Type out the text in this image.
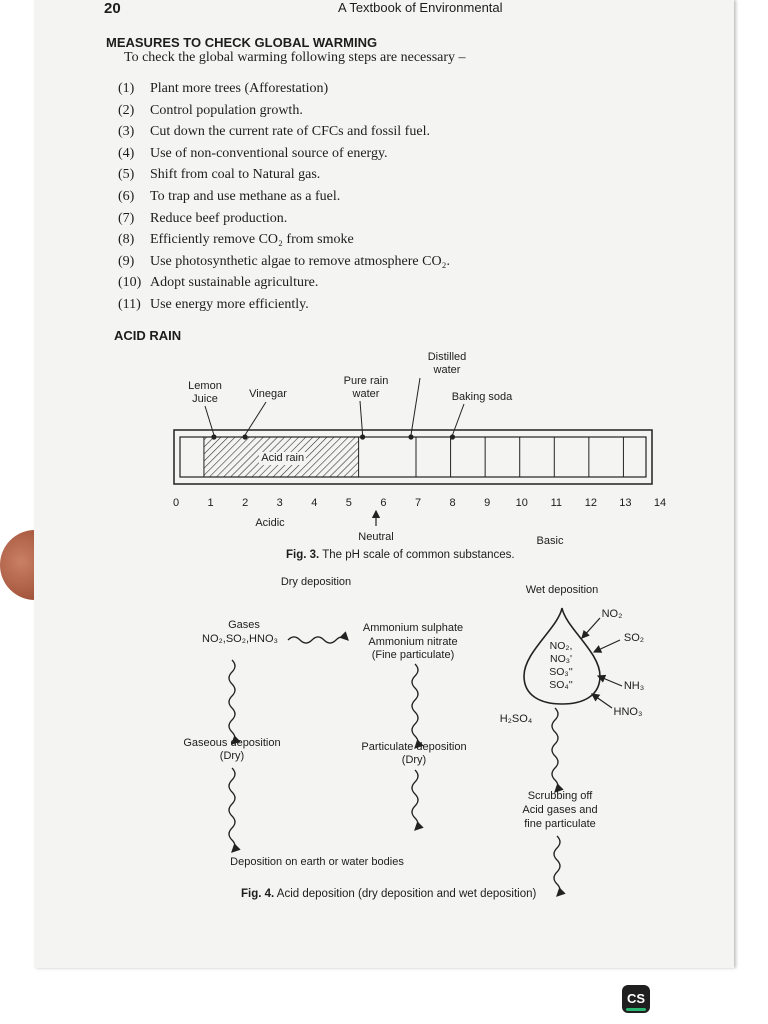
20	A Textbook of Environmental
MEASURES TO CHECK GLOBAL WARMING
To check the global warming following steps are necessary –
(1) Plant more trees (Afforestation)
(2) Control population growth.
(3) Cut down the current rate of CFCs and fossil fuel.
(4) Use of non-conventional source of energy.
(5) Shift from coal to Natural gas.
(6) To trap and use methane as a fuel.
(7) Reduce beef production.
(8) Efficiently remove CO₂ from smoke
(9) Use photosynthetic algae to remove atmosphere CO₂.
(10) Adopt sustainable agriculture.
(11) Use energy more efficiently.
ACID RAIN
Acid rain
Lemon Juice	Vinegar
Pure rain water
Distilled water
Baking soda
0	1	2	3	4	5	6	7	8	9	10	11	12	13	14
Acidic
Neutral	Basic
Fig. 3. The pH scale of common substances.
Dry deposition
Wet deposition
Gases
NO₂,SO₂,HNO₃
Ammonium sulphate
Ammonium nitrate
(Fine particulate)
Gaseous deposition
(Dry)
Particulate deposition
(Dry)
NO₂,
NO₃'
SO₃''
SO₄''
NO₂
SO₂
NH₃
HNO₃
H₂SO₄
Scrubbing off
Acid gases and
fine particulate
Deposition on earth or water bodies
Fig. 4. Acid deposition (dry deposition and wet deposition)
CS
